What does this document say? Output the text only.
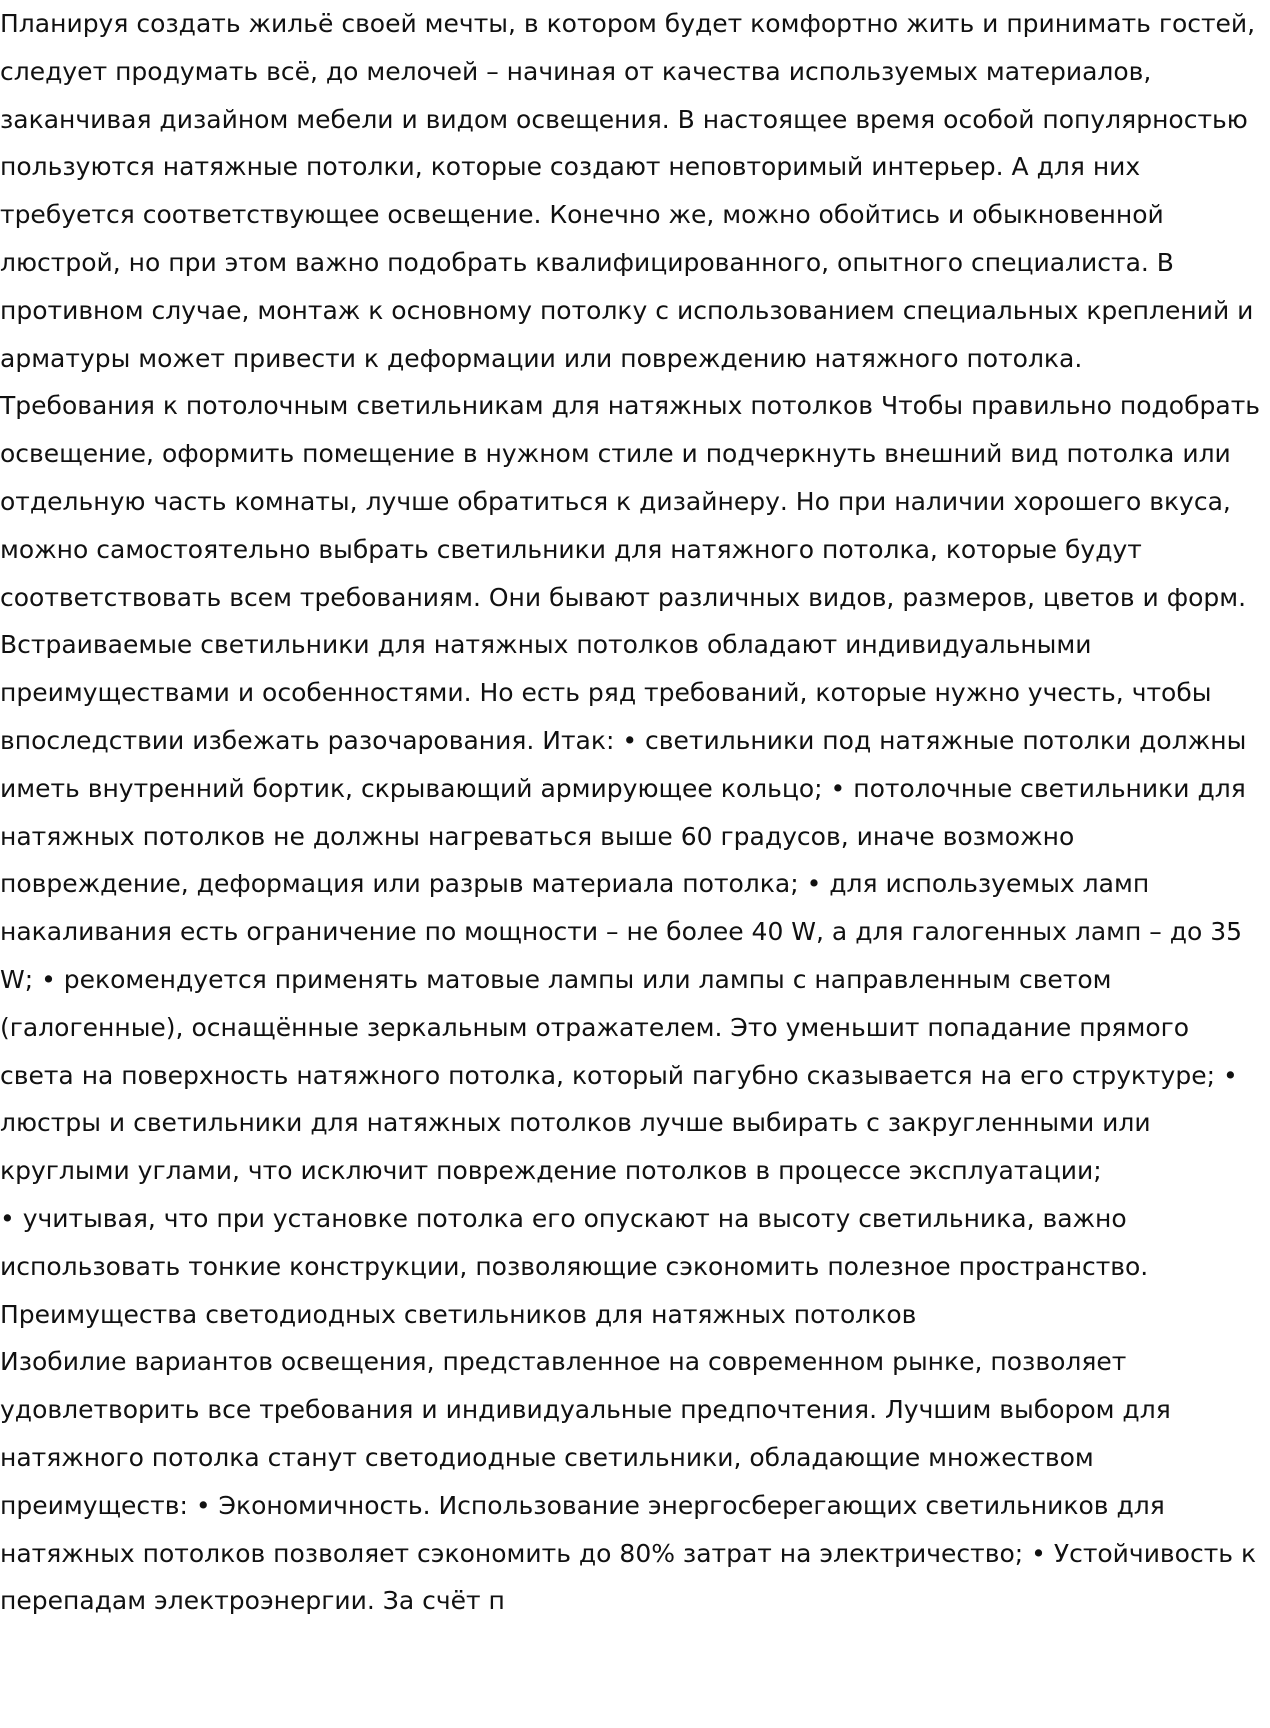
Планируя создать жильё своей мечты, в котором будет комфортно жить и принимать гостей, следует продумать всё, до мелочей – начиная от качества используемых материалов, заканчивая дизайном мебели и видом освещения. В настоящее время особой популярностью пользуются натяжные потолки, которые создают неповторимый интерьер. А для них требуется соответствующее освещение. Конечно же, можно обойтись и обыкновенной люстрой, но при этом важно подобрать квалифицированного, опытного специалиста. В противном случае, монтаж к основному потолку с использованием специальных креплений и арматуры может привести к деформации или повреждению натяжного потолка.

Требования к потолочным светильникам для натяжных потолков Чтобы правильно подобрать освещение, оформить помещение в нужном стиле и подчеркнуть внешний вид потолка или отдельную часть комнаты, лучше обратиться к дизайнеру. Но при наличии хорошего вкуса, можно самостоятельно выбрать светильники для натяжного потолка, которые будут соответствовать всем требованиям. Они бывают различных видов, размеров, цветов и форм. Встраиваемые светильники для натяжных потолков обладают индивидуальными преимуществами и особенностями. Но есть ряд требований, которые нужно учесть, чтобы впоследствии избежать разочарования. Итак: • светильники под натяжные потолки должны иметь внутренний бортик, скрывающий армирующее кольцо; • потолочные светильники для натяжных потолков не должны нагреваться выше 60 градусов, иначе возможно повреждение, деформация или разрыв материала потолка; • для используемых ламп накаливания есть ограничение по мощности – не более 40 W, а для галогенных ламп – до 35 W; • рекомендуется применять матовые лампы или лампы с направленным светом (галогенные), оснащённые зеркальным отражателем. Это уменьшит попадание прямого света на поверхность натяжного потолка, который пагубно сказывается на его структуре; • люстры и светильники для натяжных потолков лучше выбирать с закругленными или круглыми углами, что исключит повреждение потолков в процессе эксплуатации;

• учитывая, что при установке потолка его опускают на высоту светильника, важно использовать тонкие конструкции, позволяющие сэкономить полезное пространство.

Преимущества светодиодных светильников для натяжных потолков

Изобилие вариантов освещения, представленное на современном рынке, позволяет удовлетворить все требования и индивидуальные предпочтения. Лучшим выбором для натяжного потолка станут светодиодные светильники, обладающие множеством преимуществ: • Экономичность. Использование энергосберегающих светильников для натяжных потолков позволяет сэкономить до 80% затрат на электричество; • Устойчивость к перепадам электроэнергии. За счёт п
